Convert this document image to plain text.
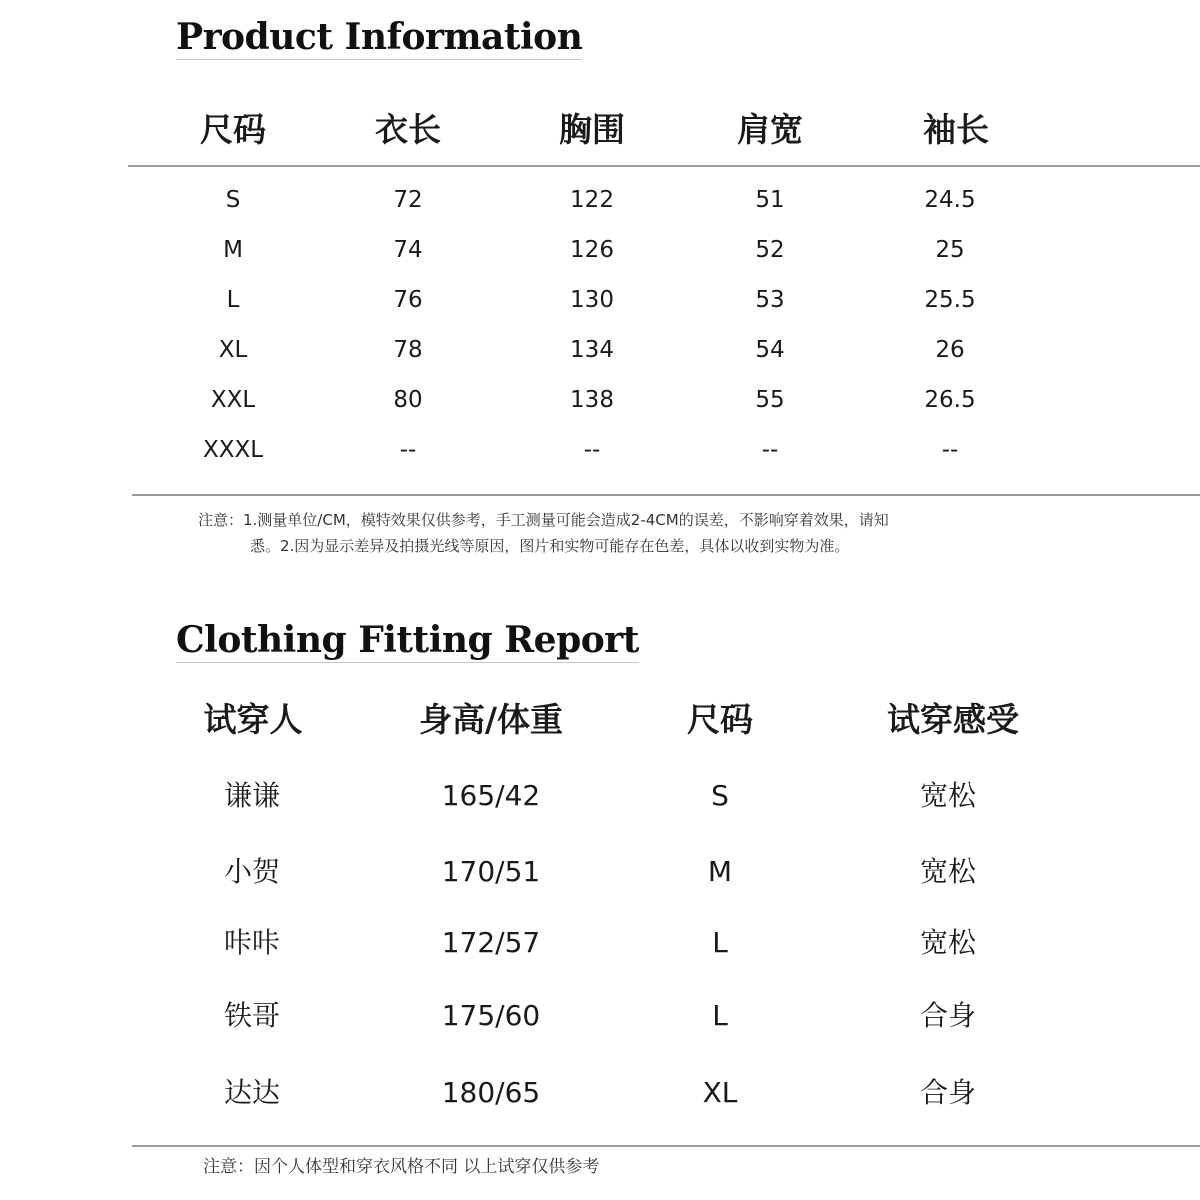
Product Information
尺码	衣长	胸围	肩宽	袖长
S	72	122	51	24.5
M	74	126	52	25
L	76	130	53	25.5
XL	78	134	54	26
XXL	80	138	55	26.5
XXXL	--	--	--	--
注意：1.测量单位/CM，模特效果仅供参考，手工测量可能会造成2-4CM的误差，不影响穿着效果，请知
悉。2.因为显示差异及拍摄光线等原因，图片和实物可能存在色差，具体以收到实物为准。
Clothing Fitting Report
试穿人	身高/体重	尺码	试穿感受
谦谦	165/42	S	宽松
小贺	170/51	M	宽松
咔咔	172/57	L	宽松
铁哥	175/60	L	合身
达达	180/65	XL	合身
注意：因个人体型和穿衣风格不同 以上试穿仅供参考
